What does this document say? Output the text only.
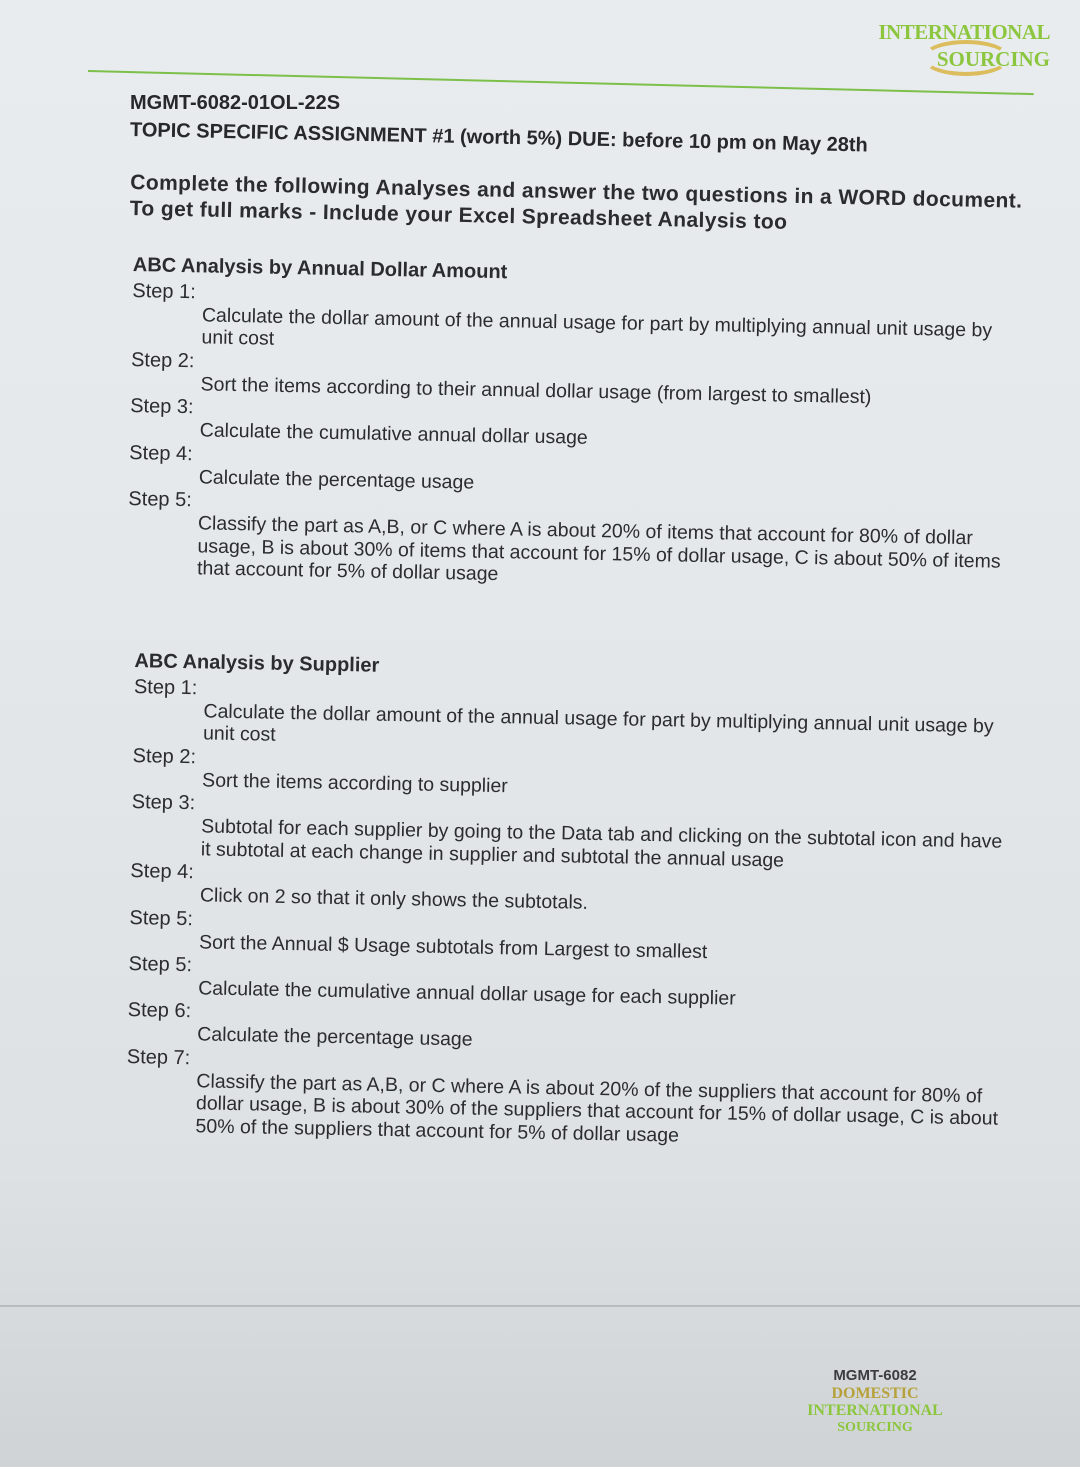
INTERNATIONAL
SOURCING

MGMT-6082-01OL-22S

TOPIC SPECIFIC ASSIGNMENT #1 (worth 5%) DUE: before 10 pm on May 28th

Complete the following Analyses and answer the two questions in a WORD document. To get full marks - Include your Excel Spreadsheet Analysis too

ABC Analysis by Annual Dollar Amount

Step 1:

Calculate the dollar amount of the annual usage for part by multiplying annual unit usage by unit cost

Step 2:

Sort the items according to their annual dollar usage (from largest to smallest)

Step 3:

Calculate the cumulative annual dollar usage

Step 4:

Calculate the percentage usage

Step 5:

Classify the part as A,B, or C where A is about 20% of items that account for 80% of dollar usage, B is about 30% of items that account for 15% of dollar usage, C is about 50% of items that account for 5% of dollar usage

ABC Analysis by Supplier

Step 1:

Calculate the dollar amount of the annual usage for part by multiplying annual unit usage by unit cost

Step 2:

Sort the items according to supplier

Step 3:

Subtotal for each supplier by going to the Data tab and clicking on the subtotal icon and have it subtotal at each change in supplier and subtotal the annual usage

Step 4:

Click on 2 so that it only shows the subtotals.

Step 5:

Sort the Annual $ Usage subtotals from Largest to smallest

Step 5:

Calculate the cumulative annual dollar usage for each supplier

Step 6:

Calculate the percentage usage

Step 7:

Classify the part as A,B, or C where A is about 20% of the suppliers that account for 80% of dollar usage, B is about 30% of the suppliers that account for 15% of dollar usage, C is about 50% of the suppliers that account for 5% of dollar usage

MGMT-6082
DOMESTIC
INTERNATIONAL
SOURCING
